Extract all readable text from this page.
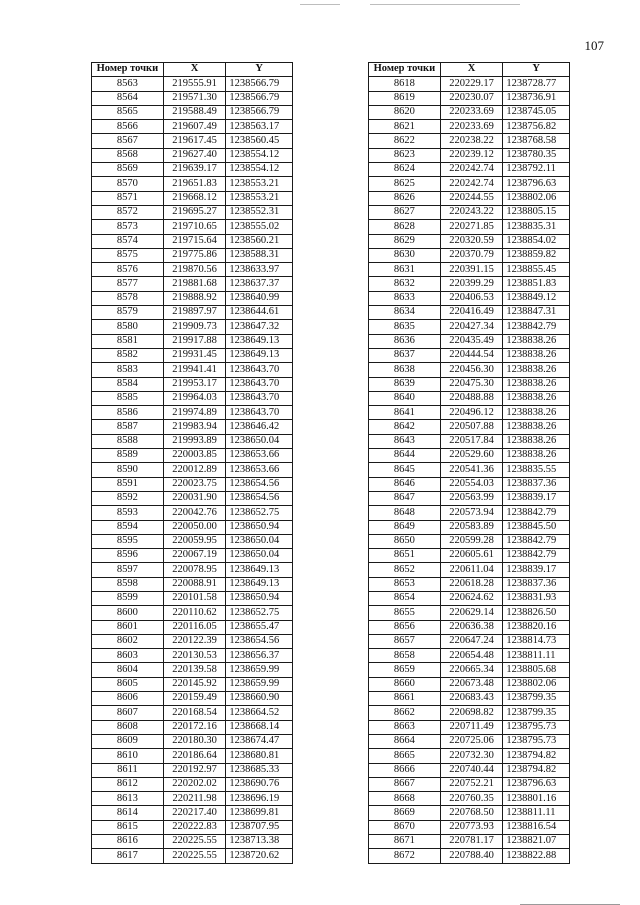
107
Номер точки	X	Y
8563	219555.91	1238566.79
8564	219571.30	1238566.79
8565	219588.49	1238566.79
8566	219607.49	1238563.17
8567	219617.45	1238560.45
8568	219627.40	1238554.12
8569	219639.17	1238554.12
8570	219651.83	1238553.21
8571	219668.12	1238553.21
8572	219695.27	1238552.31
8573	219710.65	1238555.02
8574	219715.64	1238560.21
8575	219775.86	1238588.31
8576	219870.56	1238633.97
8577	219881.68	1238637.37
8578	219888.92	1238640.99
8579	219897.97	1238644.61
8580	219909.73	1238647.32
8581	219917.88	1238649.13
8582	219931.45	1238649.13
8583	219941.41	1238643.70
8584	219953.17	1238643.70
8585	219964.03	1238643.70
8586	219974.89	1238643.70
8587	219983.94	1238646.42
8588	219993.89	1238650.04
8589	220003.85	1238653.66
8590	220012.89	1238653.66
8591	220023.75	1238654.56
8592	220031.90	1238654.56
8593	220042.76	1238652.75
8594	220050.00	1238650.94
8595	220059.95	1238650.04
8596	220067.19	1238650.04
8597	220078.95	1238649.13
8598	220088.91	1238649.13
8599	220101.58	1238650.94
8600	220110.62	1238652.75
8601	220116.05	1238655.47
8602	220122.39	1238654.56
8603	220130.53	1238656.37
8604	220139.58	1238659.99
8605	220145.92	1238659.99
8606	220159.49	1238660.90
8607	220168.54	1238664.52
8608	220172.16	1238668.14
8609	220180.30	1238674.47
8610	220186.64	1238680.81
8611	220192.97	1238685.33
8612	220202.02	1238690.76
8613	220211.98	1238696.19
8614	220217.40	1238699.81
8615	220222.83	1238707.95
8616	220225.55	1238713.38
8617	220225.55	1238720.62
Номер точки	X	Y
8618	220229.17	1238728.77
8619	220230.07	1238736.91
8620	220233.69	1238745.05
8621	220233.69	1238756.82
8622	220238.22	1238768.58
8623	220239.12	1238780.35
8624	220242.74	1238792.11
8625	220242.74	1238796.63
8626	220244.55	1238802.06
8627	220243.22	1238805.15
8628	220271.85	1238835.31
8629	220320.59	1238854.02
8630	220370.79	1238859.82
8631	220391.15	1238855.45
8632	220399.29	1238851.83
8633	220406.53	1238849.12
8634	220416.49	1238847.31
8635	220427.34	1238842.79
8636	220435.49	1238838.26
8637	220444.54	1238838.26
8638	220456.30	1238838.26
8639	220475.30	1238838.26
8640	220488.88	1238838.26
8641	220496.12	1238838.26
8642	220507.88	1238838.26
8643	220517.84	1238838.26
8644	220529.60	1238838.26
8645	220541.36	1238835.55
8646	220554.03	1238837.36
8647	220563.99	1238839.17
8648	220573.94	1238842.79
8649	220583.89	1238845.50
8650	220599.28	1238842.79
8651	220605.61	1238842.79
8652	220611.04	1238839.17
8653	220618.28	1238837.36
8654	220624.62	1238831.93
8655	220629.14	1238826.50
8656	220636.38	1238820.16
8657	220647.24	1238814.73
8658	220654.48	1238811.11
8659	220665.34	1238805.68
8660	220673.48	1238802.06
8661	220683.43	1238799.35
8662	220698.82	1238799.35
8663	220711.49	1238795.73
8664	220725.06	1238795.73
8665	220732.30	1238794.82
8666	220740.44	1238794.82
8667	220752.21	1238796.63
8668	220760.35	1238801.16
8669	220768.50	1238811.11
8670	220773.93	1238816.54
8671	220781.17	1238821.07
8672	220788.40	1238822.88
